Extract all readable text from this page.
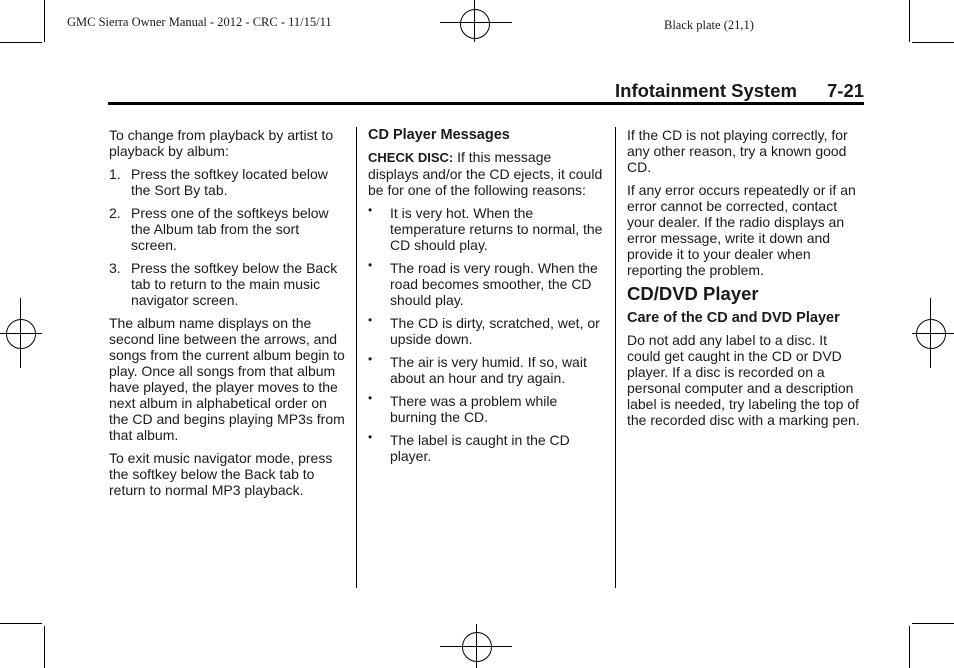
GMC Sierra Owner Manual - 2012 - CRC - 11/15/11	Black plate (21,1)
Infotainment System 7-21

To change from playback by artist to playback by album:

1. Press the softkey located below the Sort By tab.
2. Press one of the softkeys below the Album tab from the sort screen.
3. Press the softkey below the Back tab to return to the main music navigator screen.

The album name displays on the second line between the arrows, and songs from the current album begin to play. Once all songs from that album have played, the player moves to the next album in alphabetical order on the CD and begins playing MP3s from that album.

To exit music navigator mode, press the softkey below the Back tab to return to normal MP3 playback.

CD Player Messages

CHECK DISC: If this message displays and/or the CD ejects, it could be for one of the following reasons:

• It is very hot. When the temperature returns to normal, the CD should play.
• The road is very rough. When the road becomes smoother, the CD should play.
• The CD is dirty, scratched, wet, or upside down.
• The air is very humid. If so, wait about an hour and try again.
• There was a problem while burning the CD.
• The label is caught in the CD player.

If the CD is not playing correctly, for any other reason, try a known good CD.

If any error occurs repeatedly or if an error cannot be corrected, contact your dealer. If the radio displays an error message, write it down and provide it to your dealer when reporting the problem.

CD/DVD Player
Care of the CD and DVD Player

Do not add any label to a disc. It could get caught in the CD or DVD player. If a disc is recorded on a personal computer and a description label is needed, try labeling the top of the recorded disc with a marking pen.
